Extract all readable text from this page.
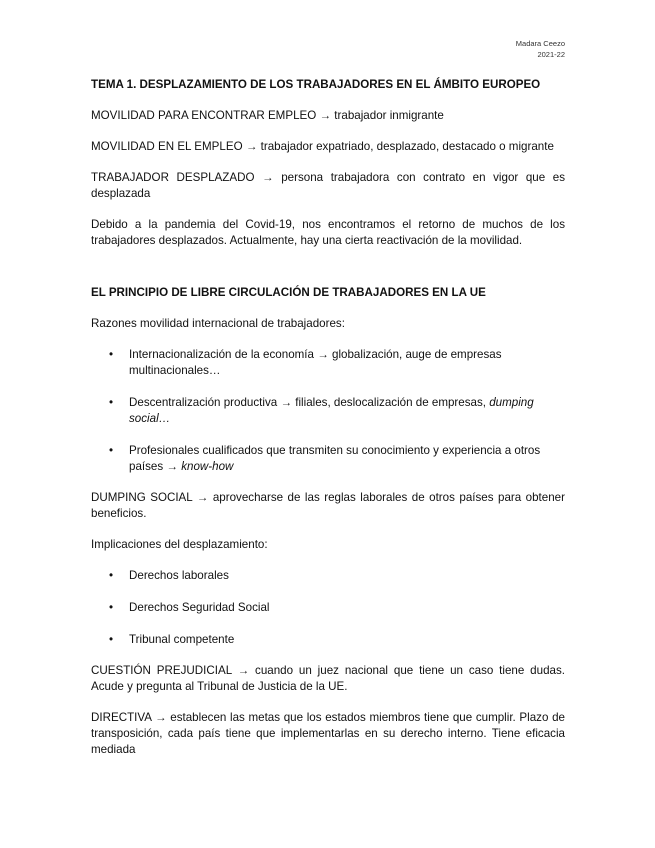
Madara Ceezo
2021-22

TEMA 1. DESPLAZAMIENTO DE LOS TRABAJADORES EN EL ÁMBITO EUROPEO

MOVILIDAD PARA ENCONTRAR EMPLEO → trabajador inmigrante

MOVILIDAD EN EL EMPLEO → trabajador expatriado, desplazado, destacado o migrante

TRABAJADOR DESPLAZADO → persona trabajadora con contrato en vigor que es desplazada

Debido a la pandemia del Covid-19, nos encontramos el retorno de muchos de los trabajadores desplazados. Actualmente, hay una cierta reactivación de la movilidad.

EL PRINCIPIO DE LIBRE CIRCULACIÓN DE TRABAJADORES EN LA UE

Razones movilidad internacional de trabajadores:

• Internacionalización de la economía → globalización, auge de empresas multinacionales…
• Descentralización productiva → filiales, deslocalización de empresas, dumping social…
• Profesionales cualificados que transmiten su conocimiento y experiencia a otros países → know-how

DUMPING SOCIAL → aprovecharse de las reglas laborales de otros países para obtener beneficios.

Implicaciones del desplazamiento:

• Derechos laborales
• Derechos Seguridad Social
• Tribunal competente

CUESTIÓN PREJUDICIAL → cuando un juez nacional que tiene un caso tiene dudas. Acude y pregunta al Tribunal de Justicia de la UE.

DIRECTIVA → establecen las metas que los estados miembros tiene que cumplir. Plazo de transposición, cada país tiene que implementarlas en su derecho interno. Tiene eficacia mediada
